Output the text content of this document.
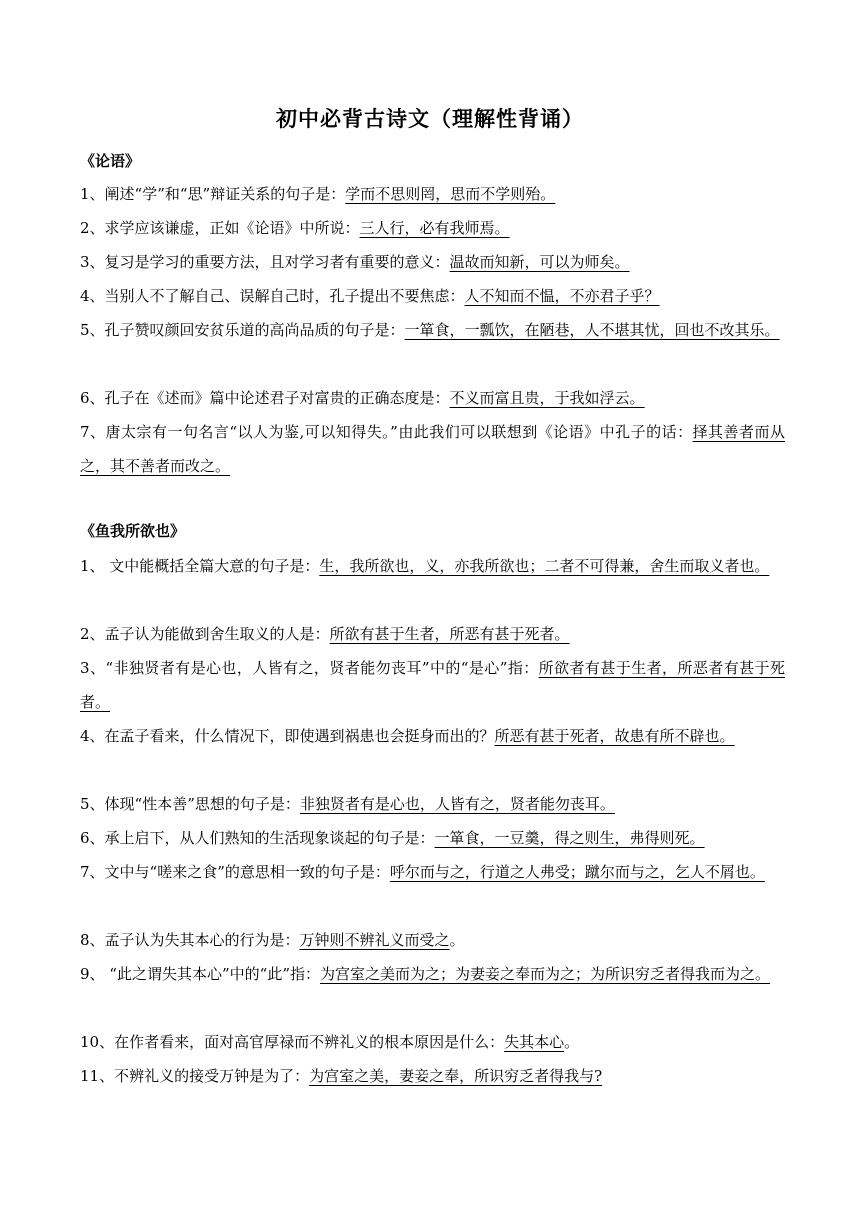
初中必背古诗文（理解性背诵）
《论语》
1、阐述“学”和“思”辩证关系的句子是：学而不思则罔，思而不学则殆。
2、求学应该谦虚，正如《论语》中所说：三人行，必有我师焉。
3、复习是学习的重要方法，且对学习者有重要的意义：温故而知新，可以为师矣。
4、当别人不了解自己、误解自己时，孔子提出不要焦虑：人不知而不愠，不亦君子乎？
5、孔子赞叹颜回安贫乐道的高尚品质的句子是：一箪食，一瓢饮，在陋巷，人不堪其忧，回也不改其乐。
6、孔子在《述而》篇中论述君子对富贵的正确态度是：不义而富且贵，于我如浮云。
7、唐太宗有一句名言“以人为鉴,可以知得失。”由此我们可以联想到《论语》中孔子的话：择其善者而从之，其不善者而改之。
《鱼我所欲也》
1、 文中能概括全篇大意的句子是：生，我所欲也，义，亦我所欲也；二者不可得兼，舍生而取义者也。
2、孟子认为能做到舍生取义的人是：所欲有甚于生者，所恶有甚于死者。
3、“非独贤者有是心也，人皆有之，贤者能勿丧耳”中的“是心”指：所欲者有甚于生者，所恶者有甚于死者。
4、在孟子看来，什么情况下，即使遇到祸患也会挺身而出的？所恶有甚于死者，故患有所不辟也。
5、体现“性本善”思想的句子是：非独贤者有是心也，人皆有之，贤者能勿丧耳。
6、承上启下，从人们熟知的生活现象谈起的句子是：一箪食，一豆羹，得之则生，弗得则死。
7、文中与“嗟来之食”的意思相一致的句子是：呼尔而与之，行道之人弗受；蹴尔而与之，乞人不屑也。
8、孟子认为失其本心的行为是：万钟则不辨礼义而受之。
9、 “此之谓失其本心”中的“此”指：为宫室之美而为之；为妻妾之奉而为之；为所识穷乏者得我而为之。
10、在作者看来，面对高官厚禄而不辨礼义的根本原因是什么：失其本心。
11、不辨礼义的接受万钟是为了：为宫室之美，妻妾之奉，所识穷乏者得我与?
